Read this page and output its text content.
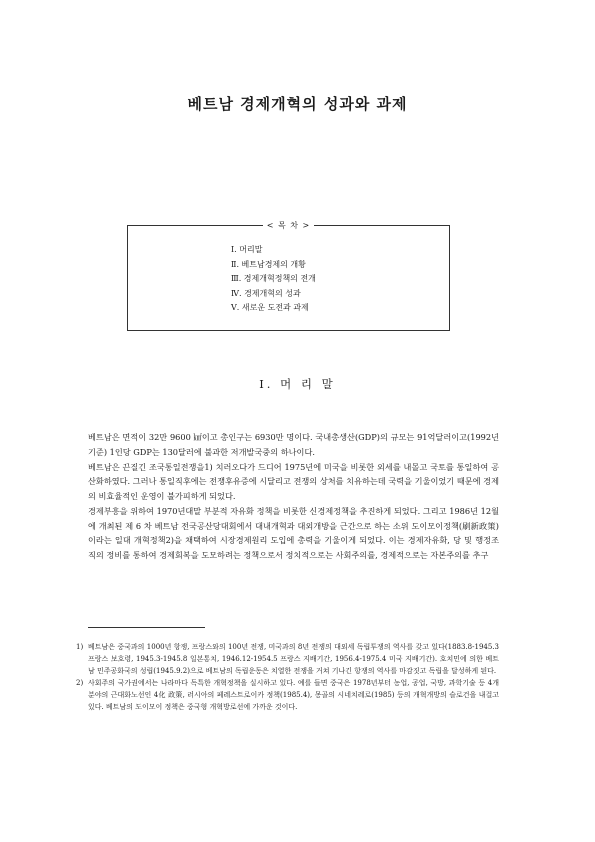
베트남 경제개혁의 성과와 과제
< 목 차 >
Ⅰ. 머리말
Ⅱ. 베트남경제의 개황
Ⅲ. 경제개혁정책의 전개
Ⅳ. 경제개혁의 성과
Ⅴ. 새로운 도전과 과제
Ⅰ. 머 리 말

베트남은 면적이 32만 9600 ㎢이고 총인구는 6930만 명이다. 국내총생산(GDP)의 규모는 91억달러이고(1992년기준) 1인당 GDP는 130달러에 불과한 저개발국중의 하나이다.

베트남은 끈질긴 조국통일전쟁을1) 치러오다가 드디어 1975년에 미국을 비롯한 외세를 내몰고 국토를 통일하여 공산화하였다. 그러나 통일직후에는 전쟁후유증에 시달리고 전쟁의 상처를 치유하는데 국력을 기울이었기 때문에 경제의 비효율적인 운영이 불가피하게 되었다.

경제부흥을 위하여 1970년대말 부분적 자유화 정책을 비롯한 신경제정책을 추진하게 되었다. 그리고 1986년 12월에 개최된 제 6 차 베트남 전국공산당대회에서 대내개혁과 대외개방을 근간으로 하는 소위 도이모이정책(刷新政策)이라는 일대 개혁정책2)을 채택하여 시장경제원리 도입에 총력을 기울이게 되었다. 이는 경제자유화, 당 및 행정조직의 정비를 통하여 경제회복을 도모하려는 정책으로서 정치적으로는 사회주의를, 경제적으로는 자본주의를 추구

1) 베트남은 중국과의 1000년 항쟁, 프랑스와의 100년 전쟁, 미국과의 8년 전쟁의 대외세 독립투쟁의 역사를 갖고 있다(1883.8-1945.3 프랑스 보호령, 1945.3-1945.8 일본통치, 1946.12-1954.5 프랑스 지배기간, 1956.4-1975.4 미국 지배기간). 호치민에 의한 베트남 민주공화국의 성립(1945.9.2)으로 베트남의 독립운동은 치열한 전쟁을 거쳐 기나긴 항쟁의 역사를 마감짓고 독립을 달성하게 된다.
2) 사회주의 국가권에서는 나라마다 독특한 개혁정책을 실시하고 있다. 예를 들면 중국은 1978년부터 농업, 공업, 국방, 과학기술 등 4개 분야의 근대화노선인 4化 政策, 러시아의 페레스트로이카 정책(1985.4), 몽골의 시네치레로(1985) 등의 개혁개방의 슬로건을 내걸고 있다. 베트남의 도이모이 정책은 중국형 개혁방로선에 가까운 것이다.
